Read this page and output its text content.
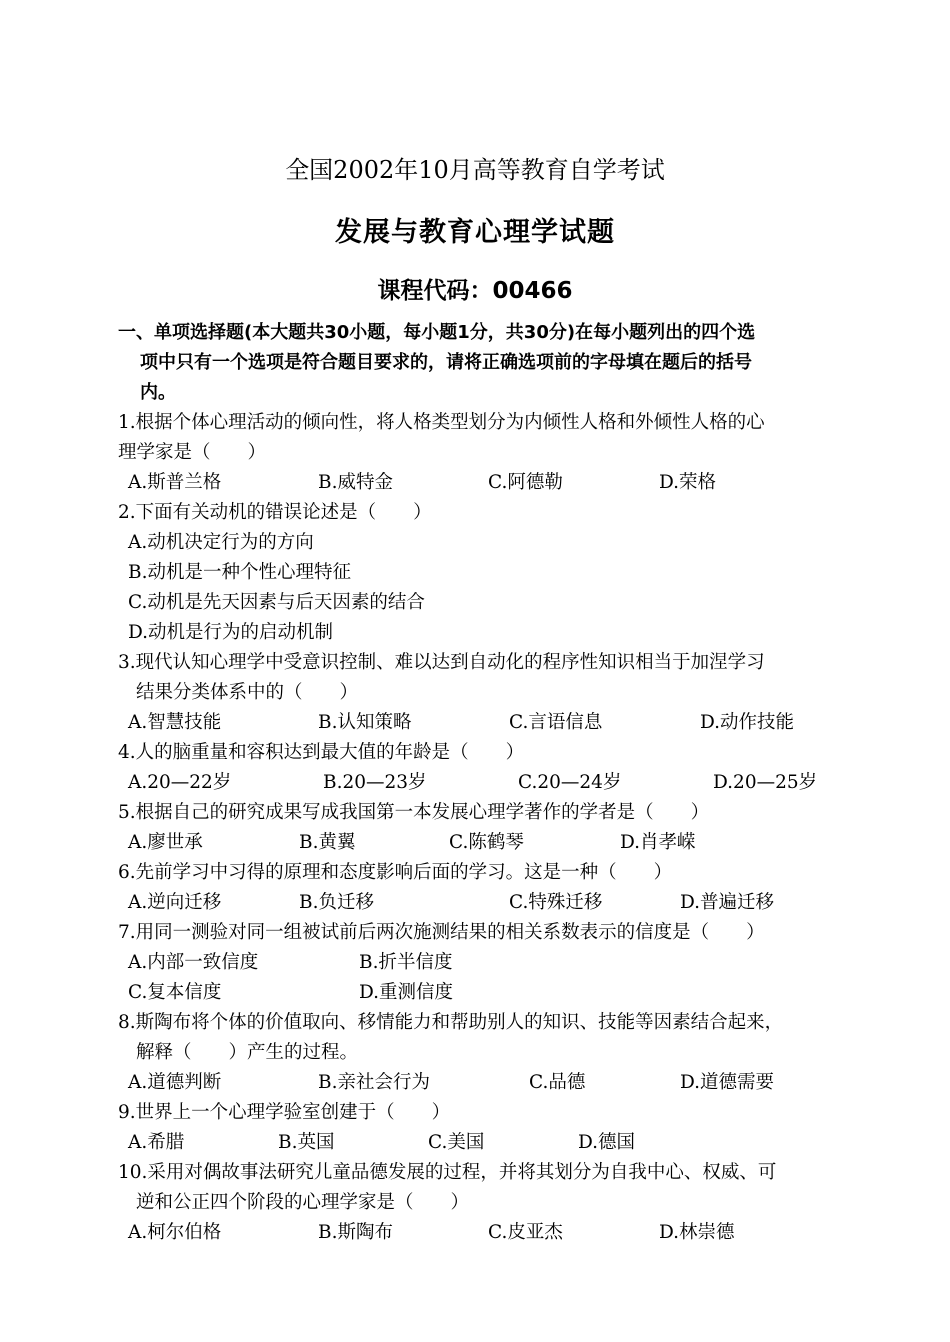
全国2002年10月高等教育自学考试
发展与教育心理学试题
课程代码：00466
一、单项选择题(本大题共30小题，每小题1分，共30分)在每小题列出的四个选
项中只有一个选项是符合题目要求的，请将正确选项前的字母填在题后的括号
内。
1.根据个体心理活动的倾向性，将人格类型划分为内倾性人格和外倾性人格的心
理学家是（　　）
A.斯普兰格	B.威特金	C.阿德勒	D.荣格
2.下面有关动机的错误论述是（　　）
A.动机决定行为的方向
B.动机是一种个性心理特征
C.动机是先天因素与后天因素的结合
D.动机是行为的启动机制
3.现代认知心理学中受意识控制、难以达到自动化的程序性知识相当于加涅学习
结果分类体系中的（　　）
A.智慧技能	B.认知策略	C.言语信息	D.动作技能
4.人的脑重量和容积达到最大值的年龄是（　　）
A.20—22岁	B.20—23岁	C.20—24岁	D.20—25岁
5.根据自己的研究成果写成我国第一本发展心理学著作的学者是（　　）
A.廖世承	B.黄翼	C.陈鹤琴	D.肖孝嵘
6.先前学习中习得的原理和态度影响后面的学习。这是一种（　　）
A.逆向迁移	B.负迁移	C.特殊迁移	D.普遍迁移
7.用同一测验对同一组被试前后两次施测结果的相关系数表示的信度是（　　）
A.内部一致信度	B.折半信度
C.复本信度	D.重测信度
8.斯陶布将个体的价值取向、移情能力和帮助别人的知识、技能等因素结合起来，
解释（　　）产生的过程。
A.道德判断	B.亲社会行为	C.品德	D.道德需要
9.世界上一个心理学验室创建于（　　）
A.希腊	B.英国	C.美国	D.德国
10.采用对偶故事法研究儿童品德发展的过程，并将其划分为自我中心、权威、可
逆和公正四个阶段的心理学家是（　　）
A.柯尔伯格	B.斯陶布	C.皮亚杰	D.林崇德
